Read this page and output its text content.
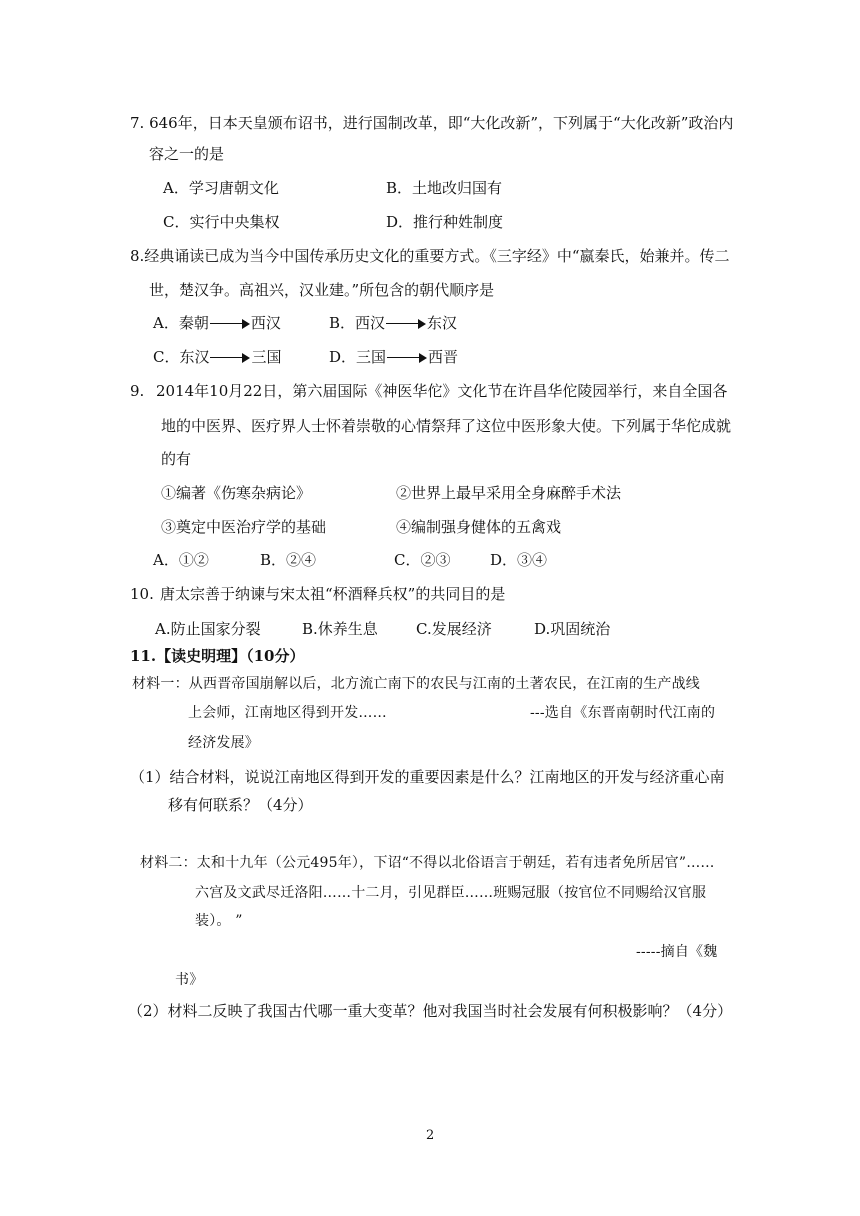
7. 646年，日本天皇颁布诏书，进行国制改革，即“大化改新”，下列属于“大化改新”政治内
容之一的是
A．学习唐朝文化	B．土地改归国有
C．实行中央集权	D．推行种姓制度
8.经典诵读已成为当今中国传承历史文化的重要方式。《三字经》中“嬴秦氏，始兼并。传二
世，楚汉争。高祖兴，汉业建。”所包含的朝代顺序是
A．秦朝	西汉	B．西汉	东汉
C．东汉	三国	D．三国	西晋
9. 2014年10月22日，第六届国际《神医华佗》文化节在许昌华佗陵园举行，来自全国各
地的中医界、医疗界人士怀着崇敬的心情祭拜了这位中医形象大使。下列属于华佗成就
的有
①编著《伤寒杂病论》	②世界上最早采用全身麻醉手术法
③奠定中医治疗学的基础	④编制强身健体的五禽戏
A．①②	B．②④	C．②③	D．③④
10. 唐太宗善于纳谏与宋太祖“杯酒释兵权”的共同目的是
A.防止国家分裂	B.休养生息	C.发展经济	D.巩固统治
11.【读史明理】（10分）
材料一：从西晋帝国崩解以后，北方流亡南下的农民与江南的土著农民，在江南的生产战线
上会师，江南地区得到开发……	---选自《东晋南朝时代江南的
经济发展》
（1）结合材料，说说江南地区得到开发的重要因素是什么？江南地区的开发与经济重心南
移有何联系？（4分）
材料二：太和十九年（公元495年），下诏“不得以北俗语言于朝廷，若有违者免所居官”……
六宫及文武尽迁洛阳……十二月，引见群臣……班赐冠服（按官位不同赐给汉官服
装）。 ”
-----摘自《魏
书》
（2）材料二反映了我国古代哪一重大变革？他对我国当时社会发展有何积极影响？（4分）
2
